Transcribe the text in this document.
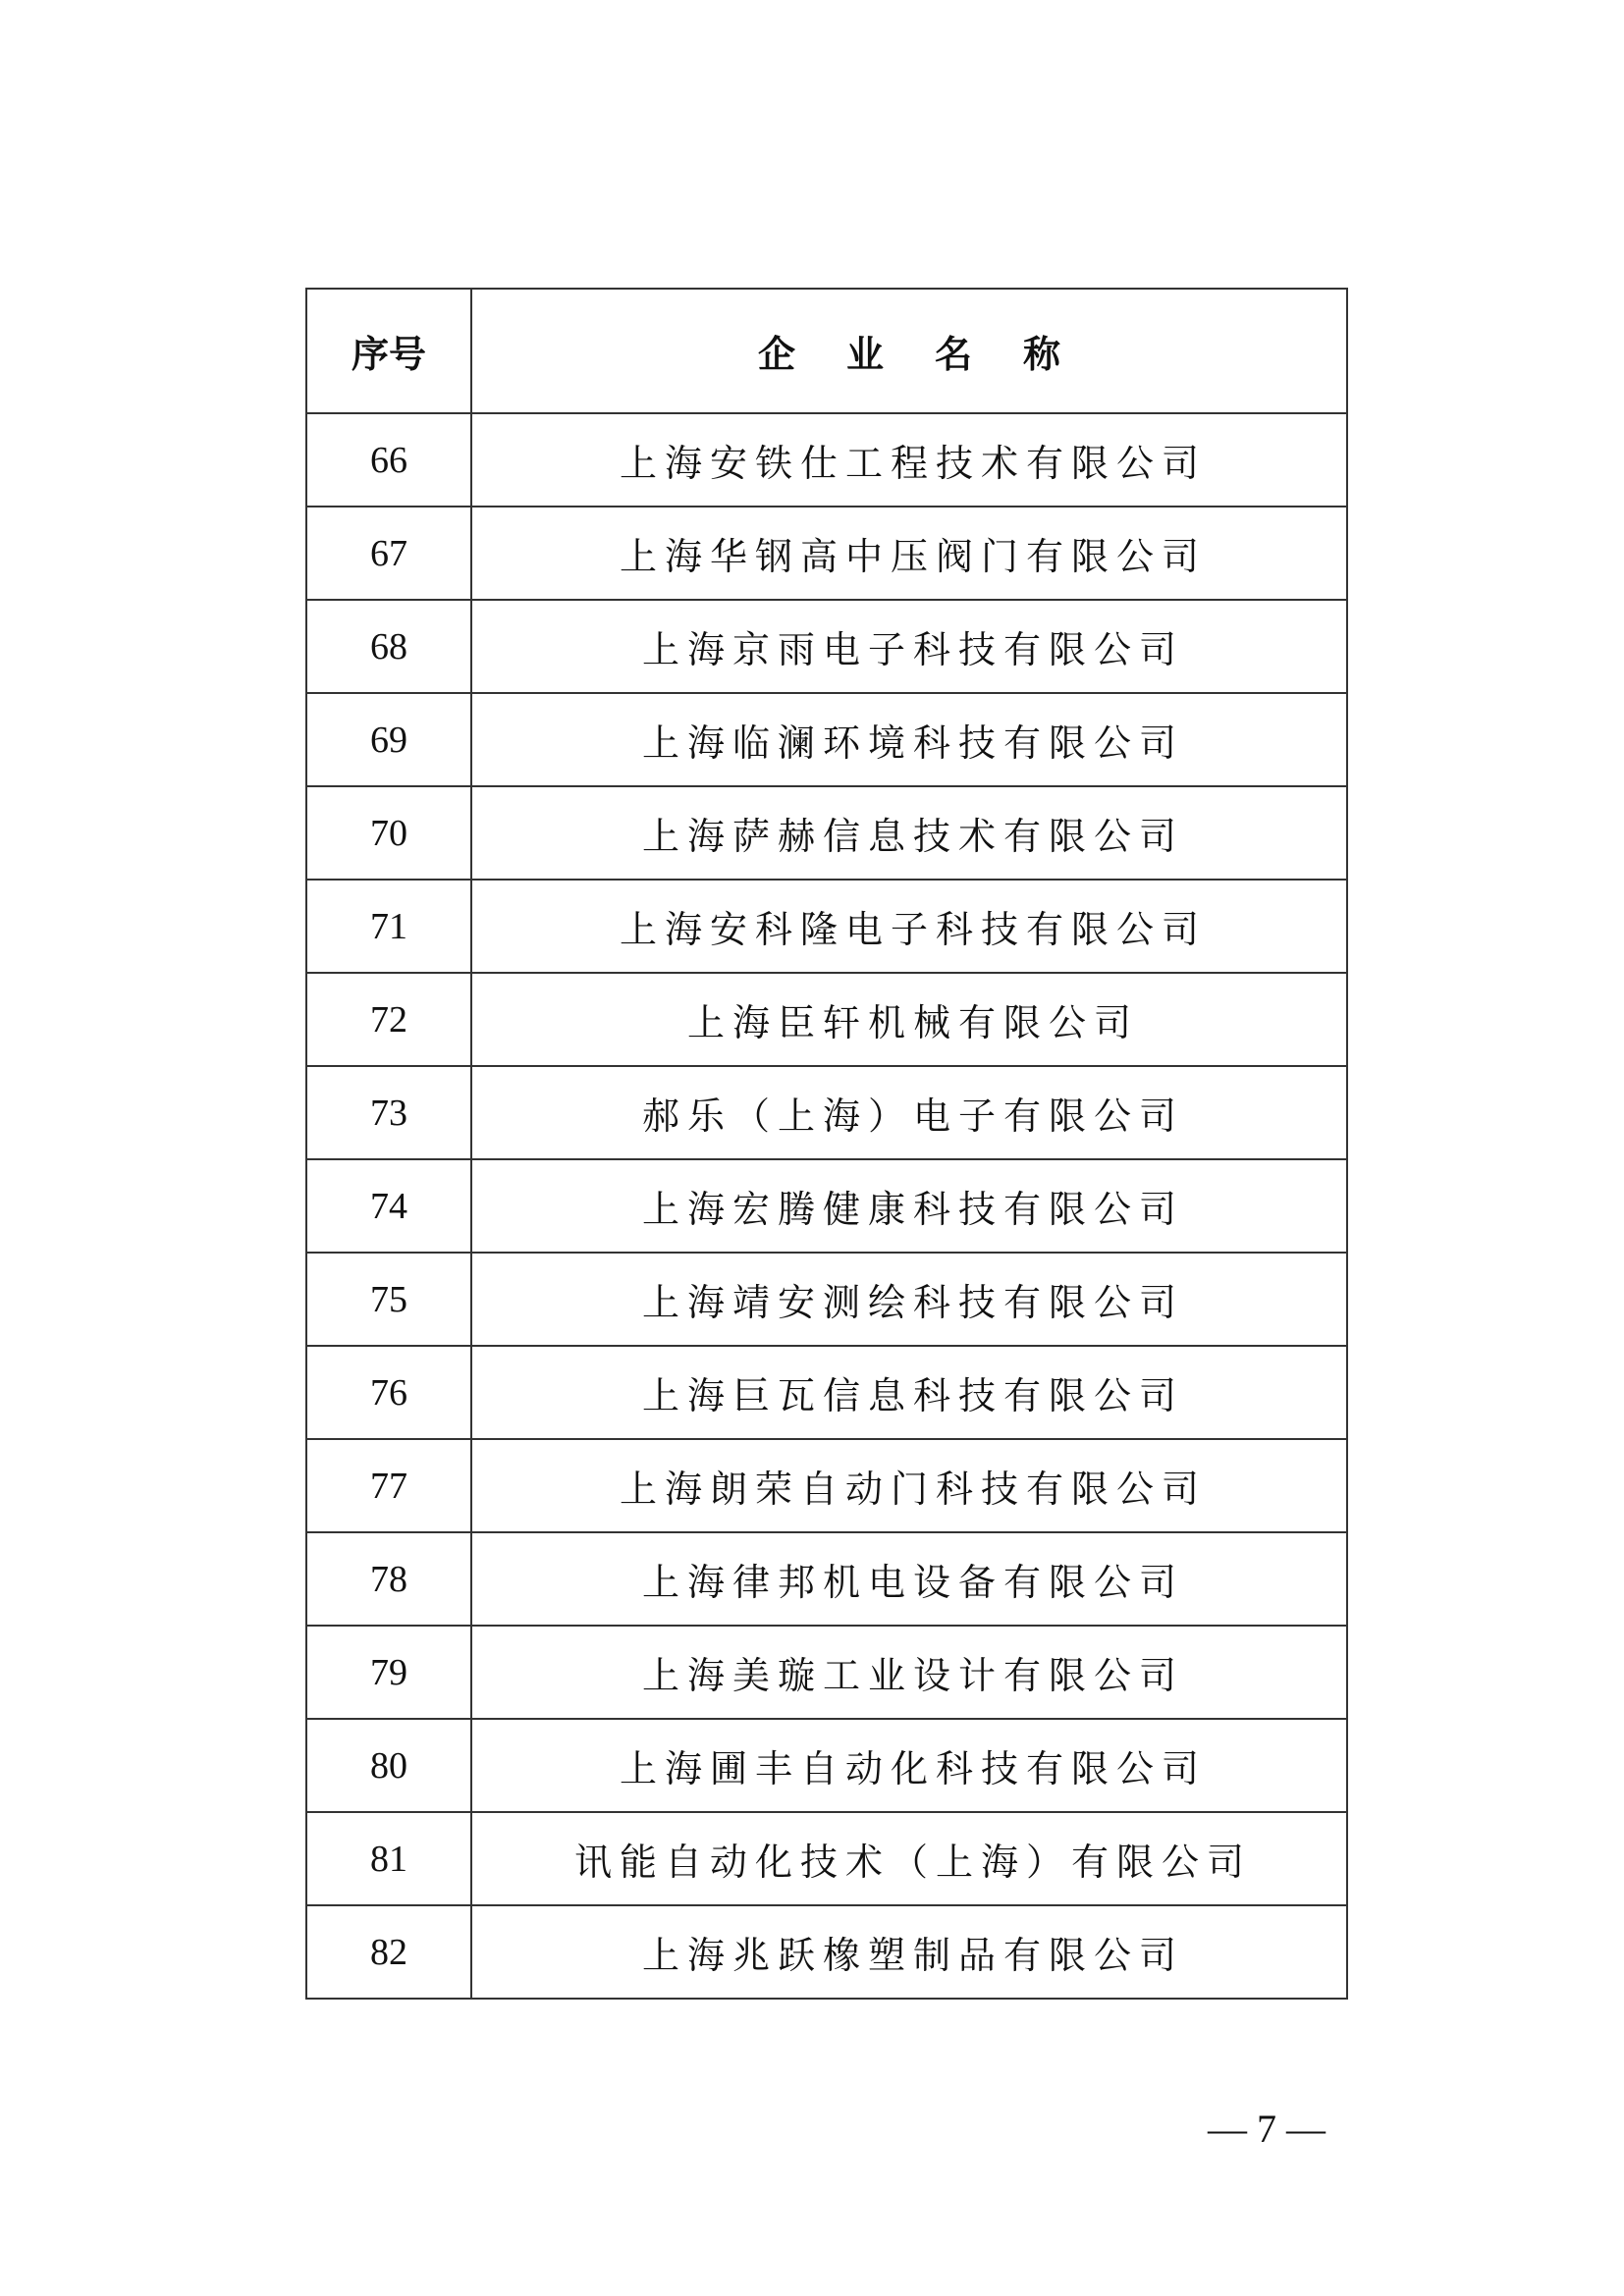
序号	企业名称
66	上海安铁仕工程技术有限公司
67	上海华钢高中压阀门有限公司
68	上海京雨电子科技有限公司
69	上海临澜环境科技有限公司
70	上海萨赫信息技术有限公司
71	上海安科隆电子科技有限公司
72	上海臣轩机械有限公司
73	郝乐（上海）电子有限公司
74	上海宏腾健康科技有限公司
75	上海靖安测绘科技有限公司
76	上海巨瓦信息科技有限公司
77	上海朗荣自动门科技有限公司
78	上海律邦机电设备有限公司
79	上海美璇工业设计有限公司
80	上海圃丰自动化科技有限公司
81	讯能自动化技术（上海）有限公司
82	上海兆跃橡塑制品有限公司
— 7 —
